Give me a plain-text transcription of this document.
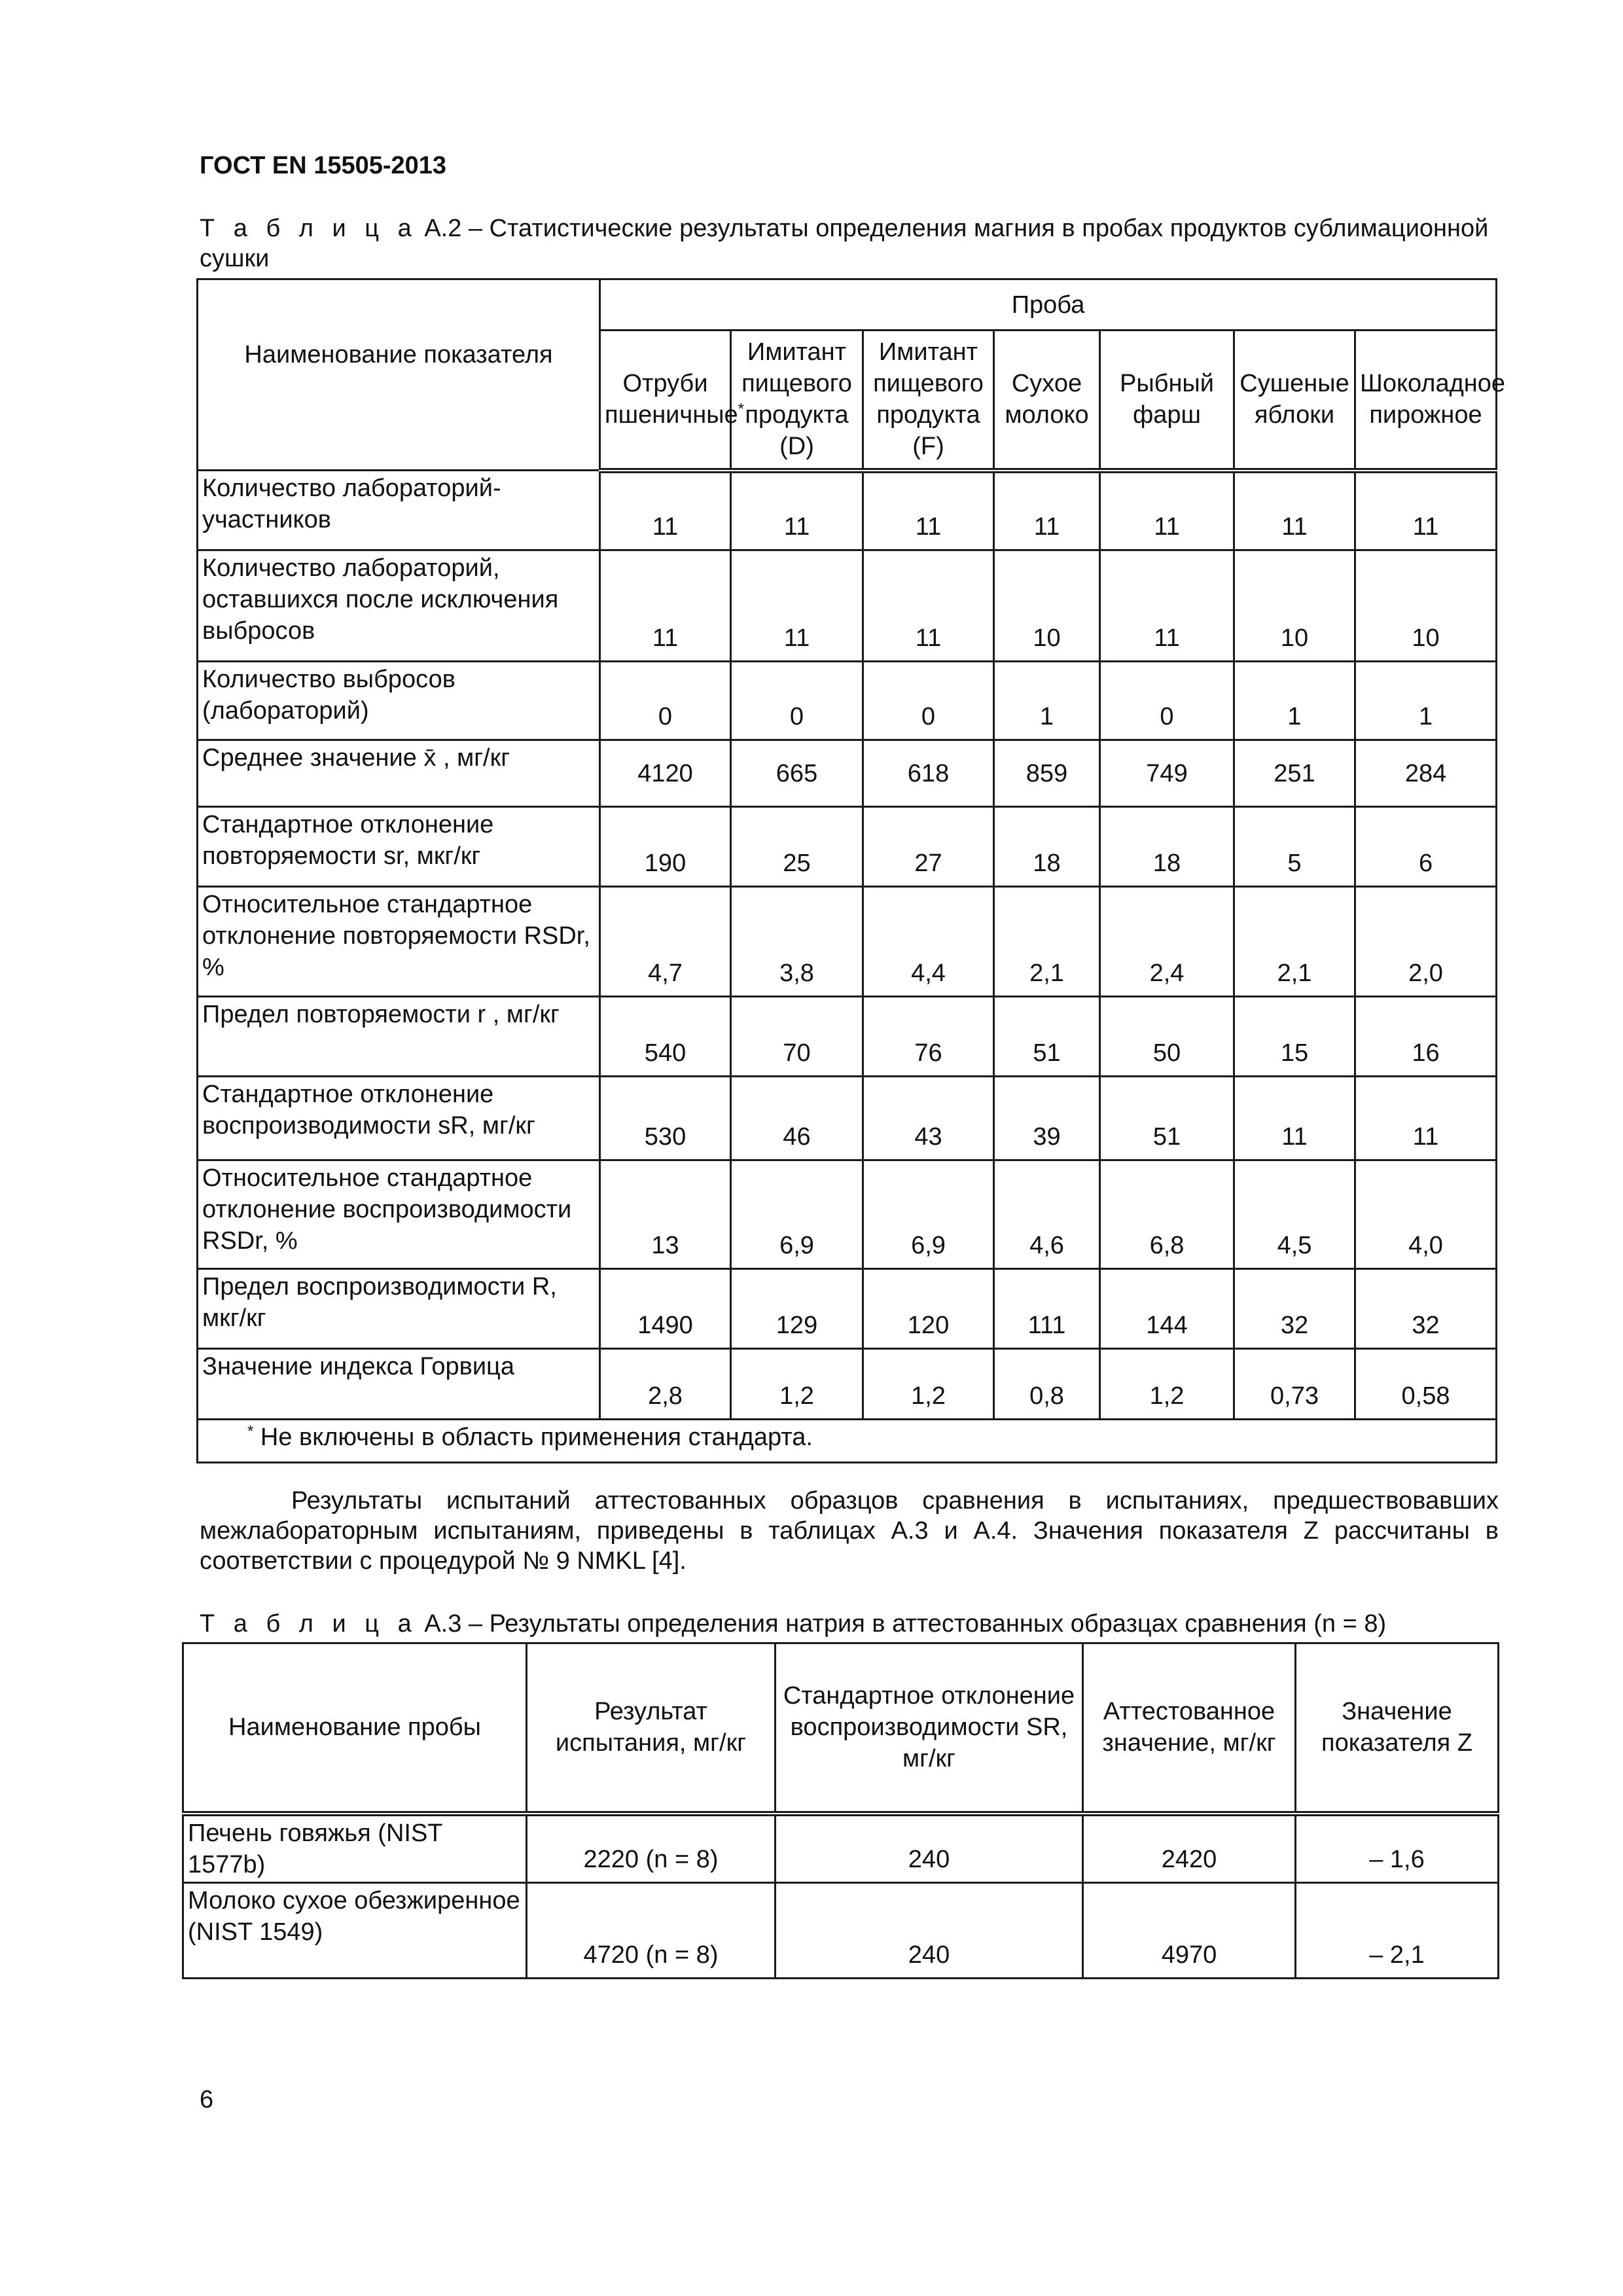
ГОСТ EN 15505-2013
Т а б л и ц а А.2 – Статистические результаты определения магния в пробах продуктов сублимационной сушки
Наименование показателя	Проба						
	Отруби пшеничные*	Имитант пищевого продукта (D)	Имитант пищевого продукта (F)	Сухое молоко	Рыбный фарш	Сушеные яблоки	Шоколадное пирожное
Количество лабораторий-участников	11	11	11	11	11	11	11
Количество лабораторий, оставшихся после исключения выбросов	11	11	11	10	11	10	10
Количество выбросов (лабораторий)	0	0	0	1	0	1	1
Среднее значение x̄ , мг/кг	4120	665	618	859	749	251	284
Стандартное отклонение повторяемости sr, мкг/кг	190	25	27	18	18	5	6
Относительное стандартное отклонение повторяемости RSDr, %	4,7	3,8	4,4	2,1	2,4	2,1	2,0
Предел повторяемости r , мг/кг	540	70	76	51	50	15	16
Стандартное отклонение воспроизводимости sR, мг/кг	530	46	43	39	51	11	11
Относительное стандартное отклонение воспроизводимости RSDr, %	13	6,9	6,9	4,6	6,8	4,5	4,0
Предел воспроизводимости R, мкг/кг	1490	129	120	111	144	32	32
Значение индекса Горвица	2,8	1,2	1,2	0,8	1,2	0,73	0,58
* Не включены в область применения стандарта.							
Результаты испытаний аттестованных образцов сравнения в испытаниях, предшествовавших межлабораторным испытаниям, приведены в таблицах А.3 и А.4. Значения показателя Z рассчитаны в соответствии с процедурой № 9 NMKL [4].
Т а б л и ц а А.3 – Результаты определения натрия в аттестованных образцах сравнения (n = 8)
Наименование пробы	Результат испытания, мг/кг	Стандартное отклонение воспроизводимости SR, мг/кг	Аттестованное значение, мг/кг	Значение показателя Z
Печень говяжья (NIST 1577b)	2220 (n = 8)	240	2420	– 1,6
Молоко сухое обезжиренное (NIST 1549)	4720 (n = 8)	240	4970	– 2,1
6
